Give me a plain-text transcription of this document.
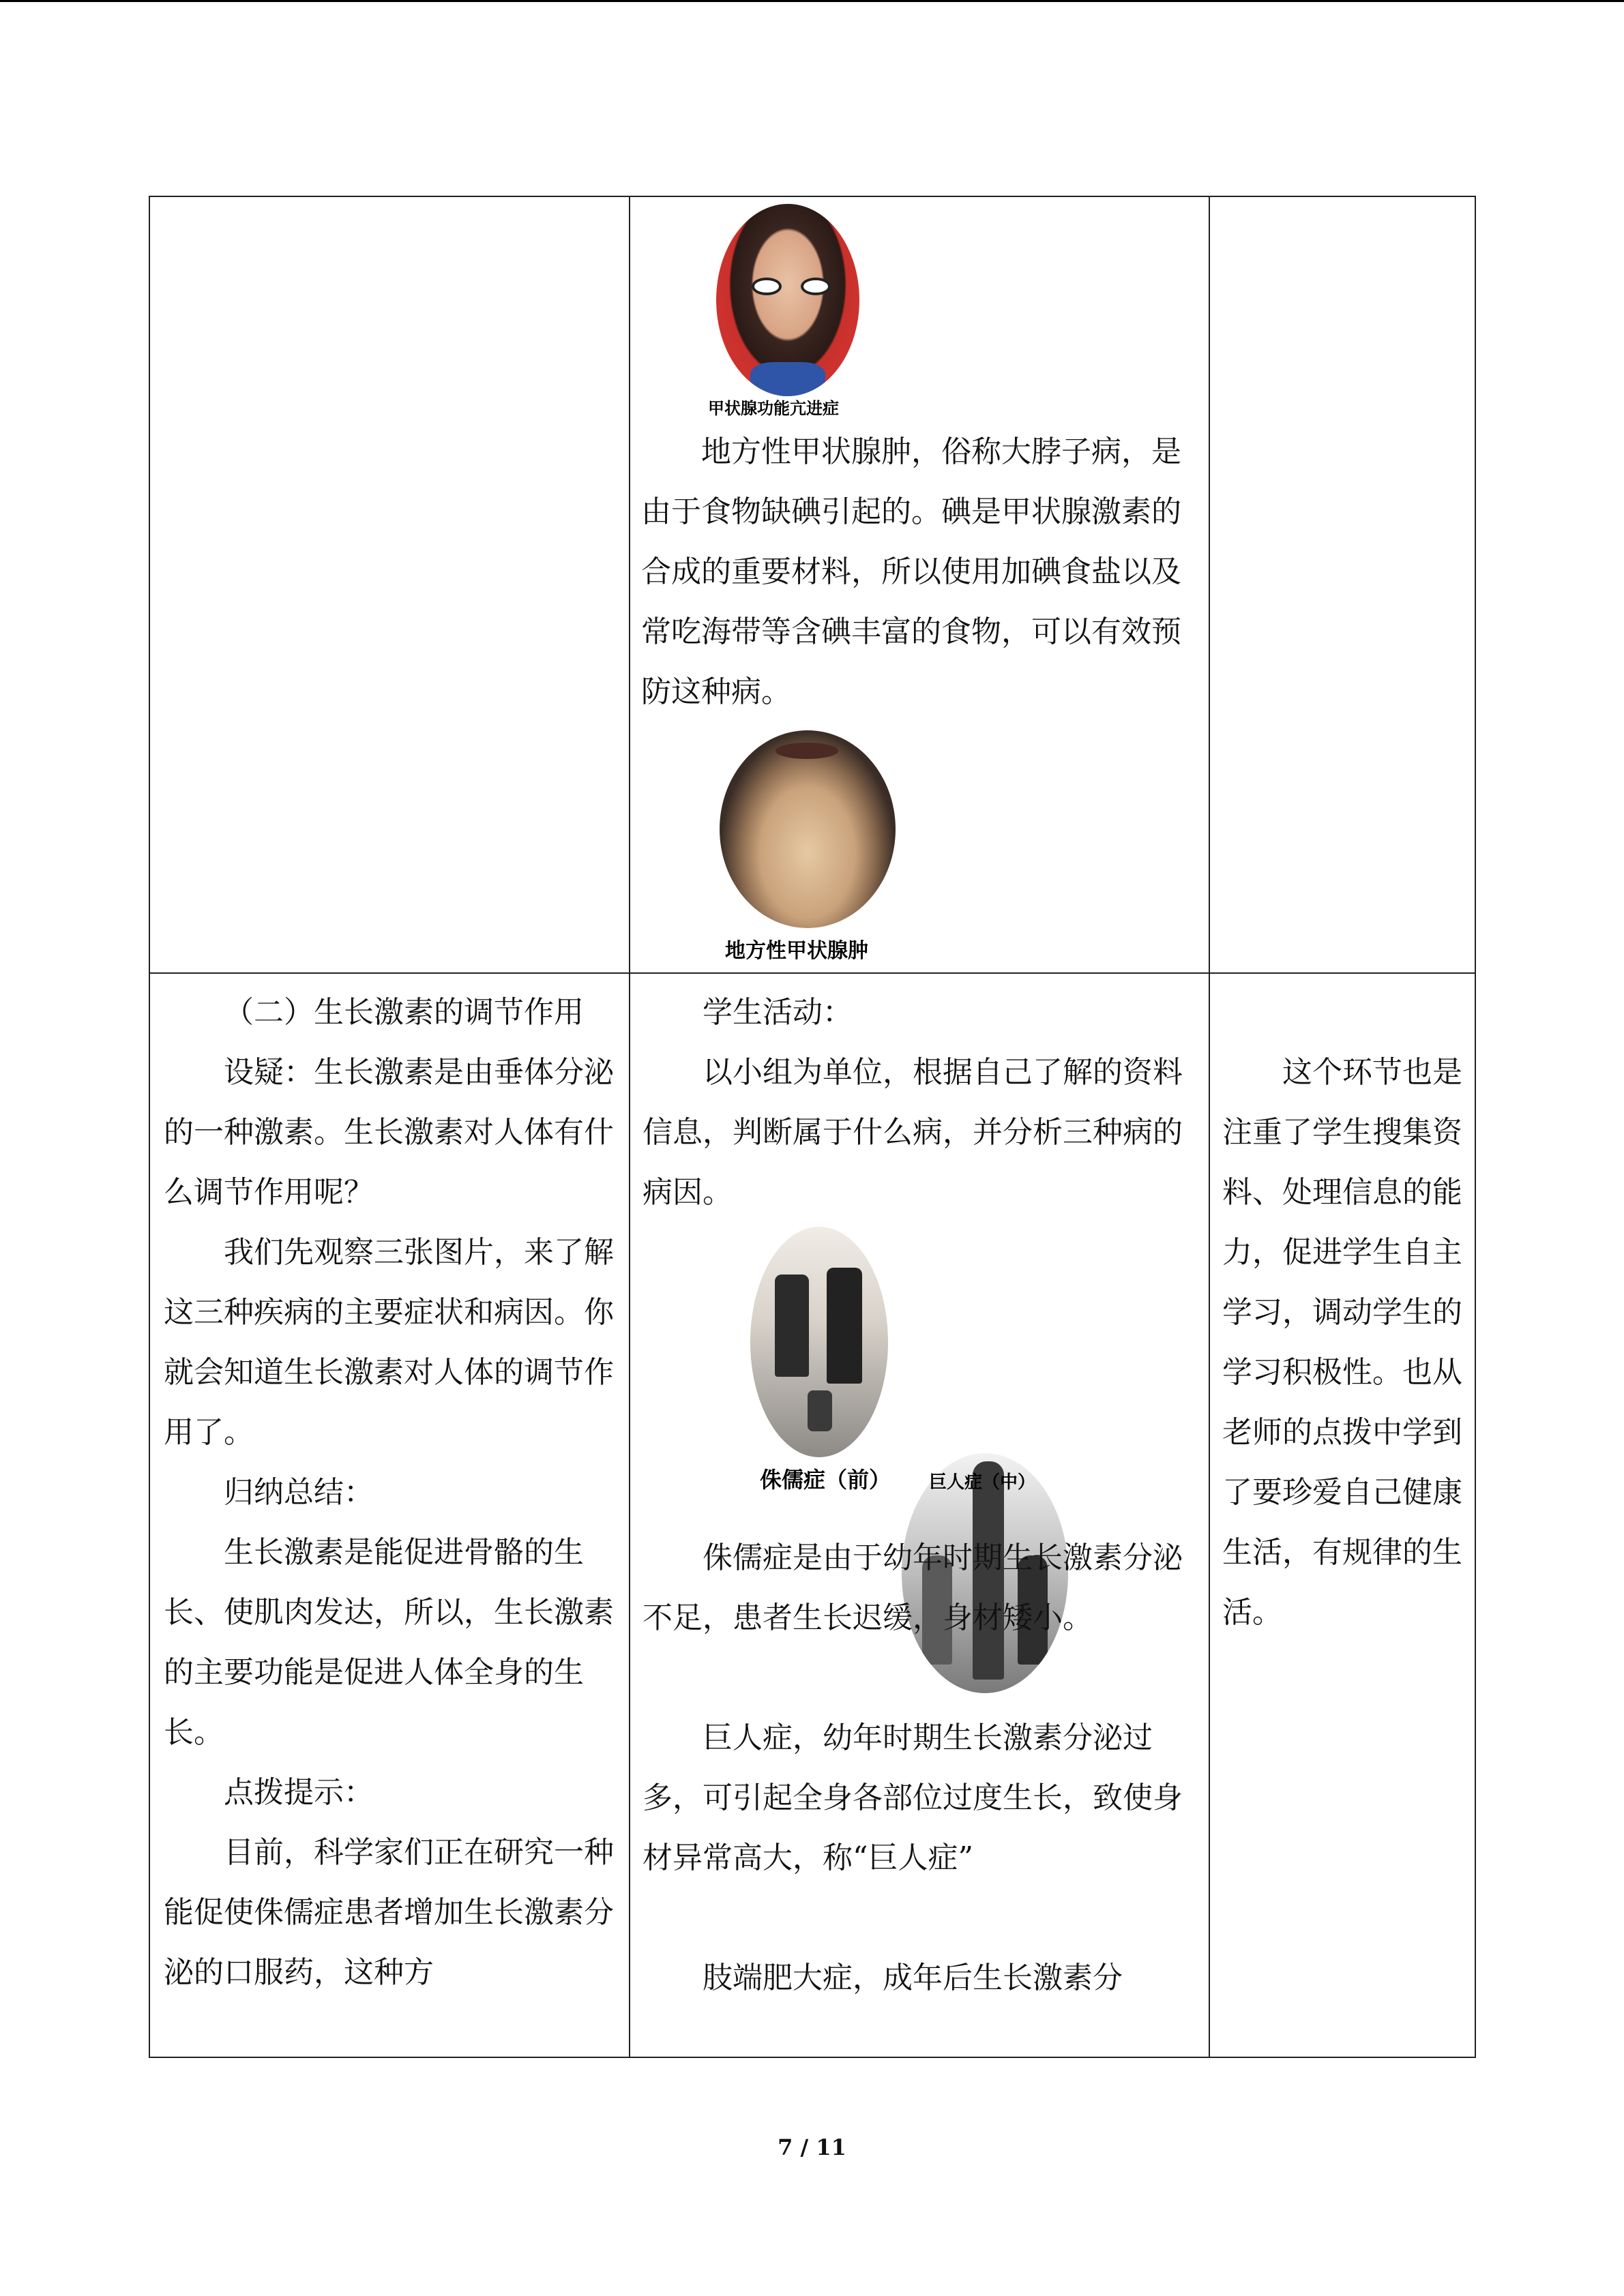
甲状腺功能亢进症

地方性甲状腺肿，俗称大脖子病，是由于食物缺碘引起的。碘是甲状腺激素的合成的重要材料，所以使用加碘食盐以及常吃海带等含碘丰富的食物，可以有效预防这种病。

地方性甲状腺肿

（二）生长激素的调节作用

设疑：生长激素是由垂体分泌的一种激素。生长激素对人体有什么调节作用呢？

我们先观察三张图片，来了解这三种疾病的主要症状和病因。你就会知道生长激素对人体的调节作用了。

归纳总结：

生长激素是能促进骨骼的生长、使肌肉发达，所以，生长激素的主要功能是促进人体全身的生长。

点拨提示：

目前，科学家们正在研究一种能促使侏儒症患者增加生长激素分泌的口服药，这种方

学生活动：

以小组为单位，根据自己了解的资料信息，判断属于什么病，并分析三种病的病因。

侏儒症（前） 巨人症（中）

侏儒症是由于幼年时期生长激素分泌不足，患者生长迟缓，身材矮小。

巨人症，幼年时期生长激素分泌过多，可引起全身各部位过度生长，致使身材异常高大，称“巨人症”

肢端肥大症，成年后生长激素分

这个环节也是注重了学生搜集资料、处理信息的能力，促进学生自主学习，调动学生的学习积极性。也从老师的点拨中学到了要珍爱自己健康生活，有规律的生活。

7 / 11
